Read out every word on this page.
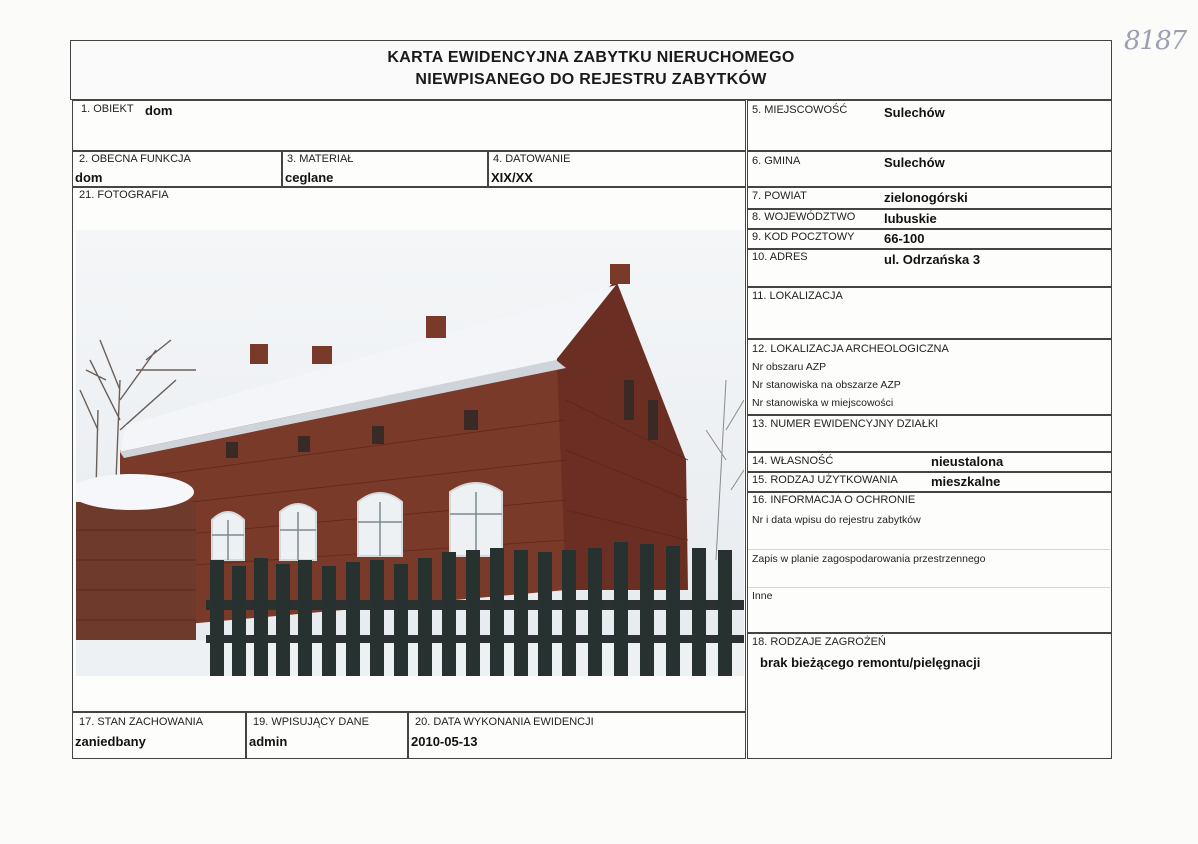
8187
KARTA EWIDENCYJNA ZABYTKU NIERUCHOMEGO
NIEWPISANEGO DO REJESTRU ZABYTKÓW
1. OBIEKT dom	5. MIEJSCOWOŚĆ	Sulechów
2. OBECNA FUNKCJA
dom
3. MATERIAŁ
ceglane
4. DATOWANIE
XIX/XX
6. GMINA	Sulechów
21. FOTOGRAFIA	7. POWIAT	zielonogórski
8. WOJEWÓDZTWO lubuskie
9. KOD POCZTOWY 66-100
10. ADRES	ul. Odrzańska 3
11. LOKALIZACJA
12. LOKALIZACJA ARCHEOLOGICZNA
Nr obszaru AZP
Nr stanowiska na obszarze AZP
Nr stanowiska w miejscowości
13. NUMER EWIDENCYJNY DZIAŁKI
14. WŁASNOŚĆ	nieustalona
15. RODZAJ UŻYTKOWANIA	mieszkalne
16. INFORMACJA O OCHRONIE
Nr i data wpisu do rejestru zabytków
Zapis w planie zagospodarowania przestrzennego
Inne
18. RODZAJE ZAGROŻEŃ
brak bieżącego remontu/pielęgnacji
17. STAN ZACHOWANIA
zaniedbany
19. WPISUJĄCY DANE
admin
20. DATA WYKONANIA EWIDENCJI
2010-05-13
